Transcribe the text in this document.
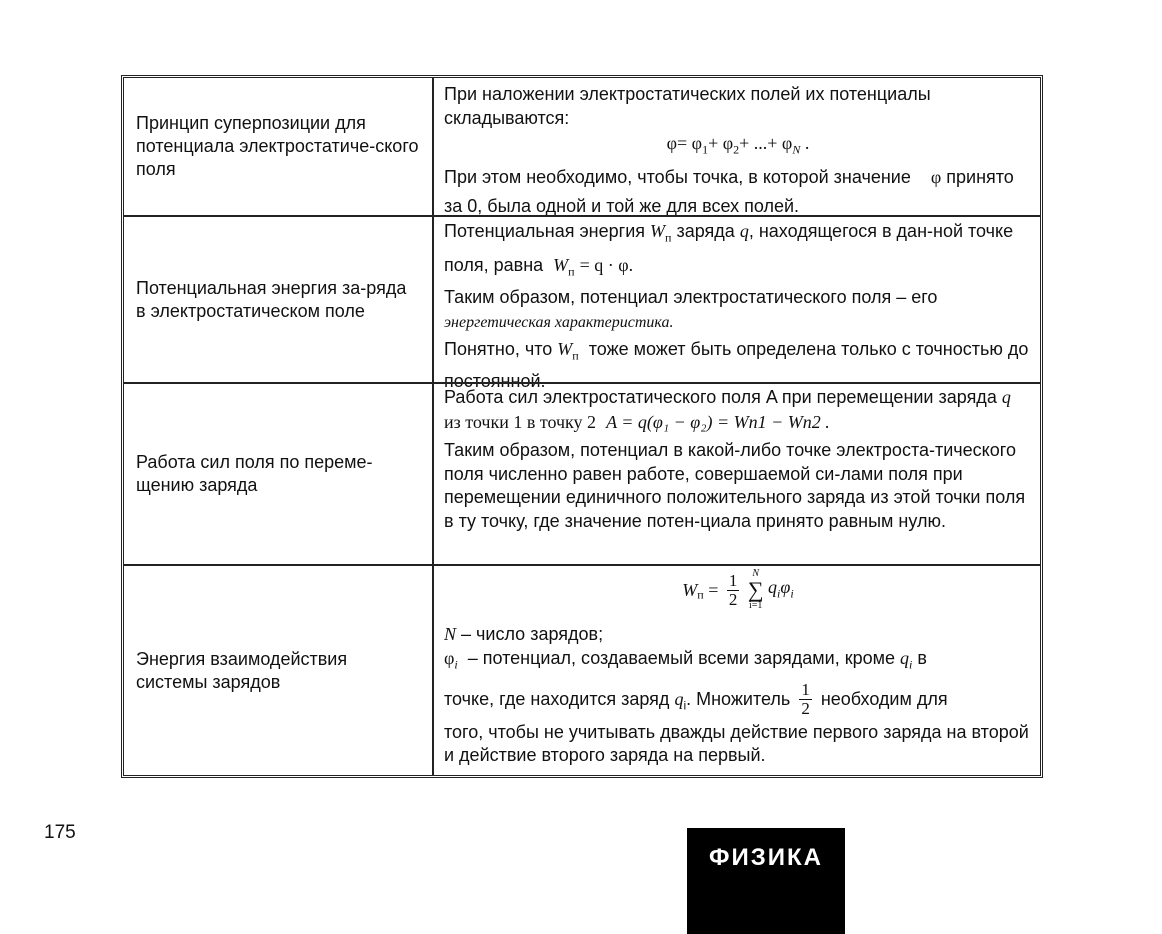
Принцип суперпозиции для потенциала электростатиче-ского поля

При наложении электростатических полей их потенциалы складываются:

$\varphi= \varphi_1+ \varphi_2+$ ...+ $\varphi_N$ .

При этом необходимо, чтобы точка, в которой значение φ принято за 0, была одной и той же для всех полей.

Потенциальная энергия за-ряда в электростатическом поле

Потенциальная энергия $W_п$ заряда q, находящегося в дан-ной точке поля, равна $W_п = q \cdot \varphi$.

Таким образом, потенциал электростатического поля – его
энергетическая характеристика.

Понятно, что $W_п$ тоже может быть определена только с точностью до постоянной.

Работа сил поля по переме-щению заряда

Работа сил электростатического поля A при перемещении заряда q из точки 1 в точку 2 A = q(φ₁ − φ₂) = Wп1 − Wп2 .

Таким образом, потенциал в какой-либо точке электроста-тического поля численно равен работе, совершаемой си-лами поля при перемещении единичного положительного заряда из этой точки поля в ту точку, где значение потен-циала принято равным нулю.

Энергия взаимодействия системы зарядов

$W_п = \frac{1}{2}$
	N
∑
i=1
$q_i\varphi_i$

N – число зарядов;

$\varphi_i$ – потенциал, создаваемый всеми зарядами, кроме $q_i$ в

точке, где находится заряд $q_i$. Множитель $\frac{1}{2}$ необходим для

того, чтобы не учитывать дважды действие первого заряда на второй и действие второго заряда на первый.

175
ФИЗИКА
